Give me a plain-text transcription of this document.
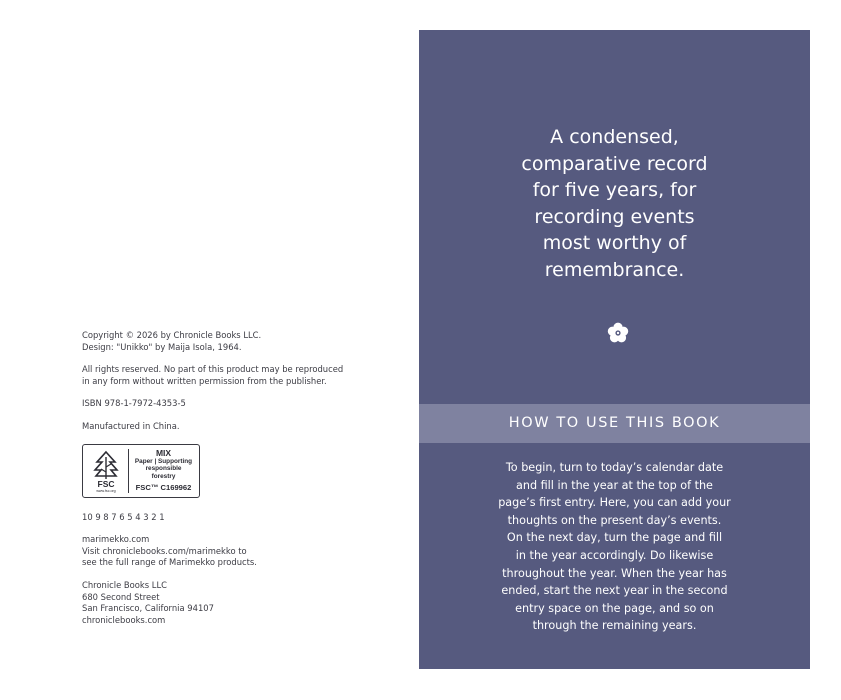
Copyright © 2026 by Chronicle Books LLC.
Design: "Unikko" by Maija Isola, 1964.
All rights reserved. No part of this product may be reproduced
in any form without written permission from the publisher.
ISBN 978-1-7972-4353-5
Manufactured in China.
FSC
www.fsc.org
MIX
Paper | Supporting
responsible forestry
FSC™ C169962
10 9 8 7 6 5 4 3 2 1
marimekko.com
Visit chroniclebooks.com/marimekko to
see the full range of Marimekko products.
Chronicle Books LLC
680 Second Street
San Francisco, California 94107
chroniclebooks.com
A condensed,
comparative record
for five years, for
recording events
most worthy of
remembrance.
HOW TO USE THIS BOOK
To begin, turn to today’s calendar date
and fill in the year at the top of the
page’s first entry. Here, you can add your
thoughts on the present day’s events.
On the next day, turn the page and fill
in the year accordingly. Do likewise
throughout the year. When the year has
ended, start the next year in the second
entry space on the page, and so on
through the remaining years.
